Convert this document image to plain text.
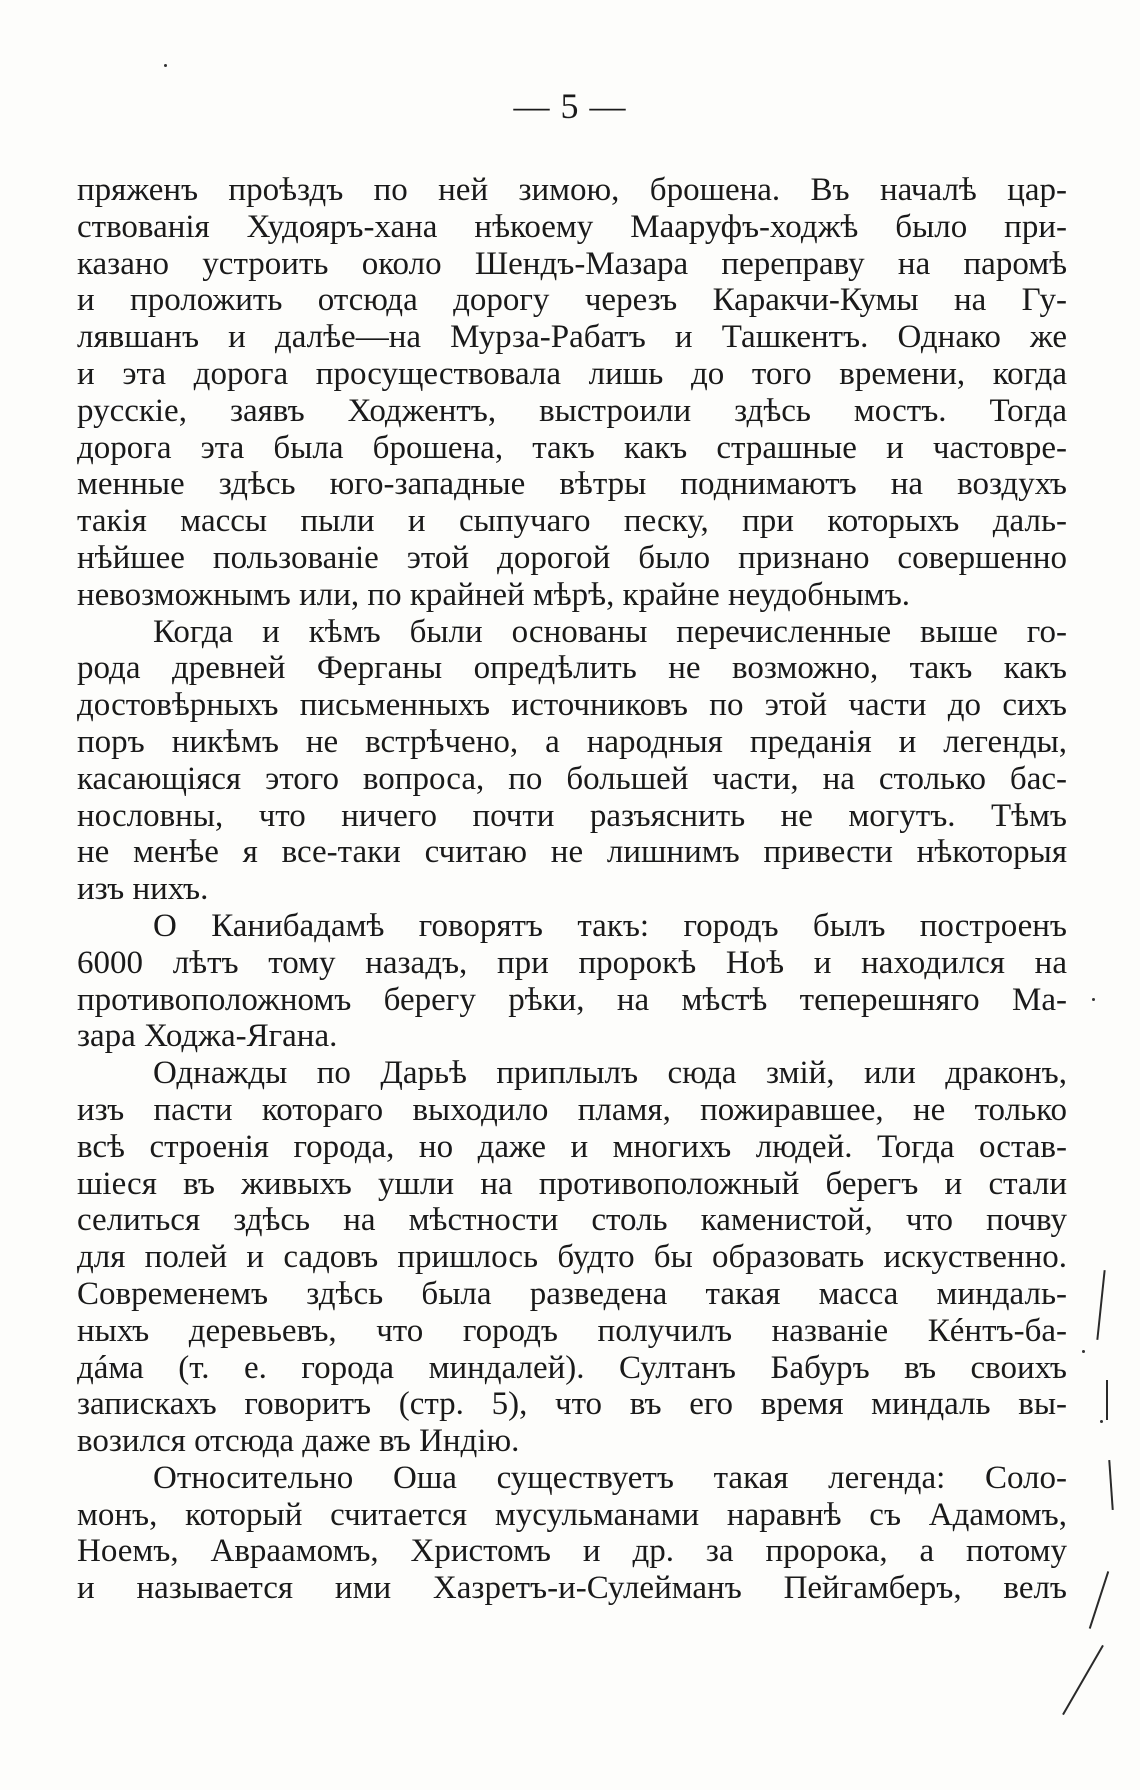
— 5 —
пряженъ проѣздъ по ней зимою, брошена. Въ началѣ цар-
ствованія Худояръ-хана нѣкоему Мааруфъ-ходжѣ было при-
казано устроить около Шендъ-Мазара переправу на паромѣ
и проложить отсюда дорогу черезъ Каракчи-Кумы на Гу-
лявшанъ и далѣе—на Мурза-Рабатъ и Ташкентъ. Однако же
и эта дорога просуществовала лишь до того времени, когда
русскіе, заявъ Ходжентъ, выстроили здѣсь мостъ. Тогда
дорога эта была брошена, такъ какъ страшные и частовре-
менные здѣсь юго-западные вѣтры поднимаютъ на воздухъ
такія массы пыли и сыпучаго песку, при которыхъ даль-
нѣйшее пользованіе этой дорогой было признано совершенно
невозможнымъ или, по крайней мѣрѣ, крайне неудобнымъ.
Когда и кѣмъ были основаны перечисленные выше го-
рода древней Ферганы опредѣлить не возможно, такъ какъ
достовѣрныхъ письменныхъ источниковъ по этой части до сихъ
поръ никѣмъ не встрѣчено, а народныя преданія и легенды,
касающіяся этого вопроса, по большей части, на столько бас-
нословны, что ничего почти разъяснить не могутъ. Тѣмъ
не менѣе я все-таки считаю не лишнимъ привести нѣкоторыя
изъ нихъ.
О Канибадамѣ говорятъ такъ: городъ былъ построенъ
6000 лѣтъ тому назадъ, при пророкѣ Ноѣ и находился на
противоположномъ берегу рѣки, на мѣстѣ теперешняго Ма-
зара Ходжа-Ягана.
Однажды по Дарьѣ приплылъ сюда змій, или драконъ,
изъ пасти котораго выходило пламя, пожиравшее, не только
всѣ строенія города, но даже и многихъ людей. Тогда остав-
шіеся въ живыхъ ушли на противоположный берегъ и стали
селиться здѣсь на мѣстности столь каменистой, что почву
для полей и садовъ пришлось будто бы образовать искуственно.
Современемъ здѣсь была разведена такая масса миндаль-
ныхъ деревьевъ, что городъ получилъ названіе Кéнтъ-ба-
дáма (т. е. города миндалей). Султанъ Бабуръ въ своихъ
запискахъ говоритъ (стр. 5), что въ его время миндаль вы-
возился отсюда даже въ Индію.
Относительно Оша существуетъ такая легенда: Соло-
монъ, который считается мусульманами наравнѣ съ Адамомъ,
Ноемъ, Авраамомъ, Христомъ и др. за пророка, а потому
и называется ими Хазретъ-и-Сулейманъ Пейгамберъ, велъ
